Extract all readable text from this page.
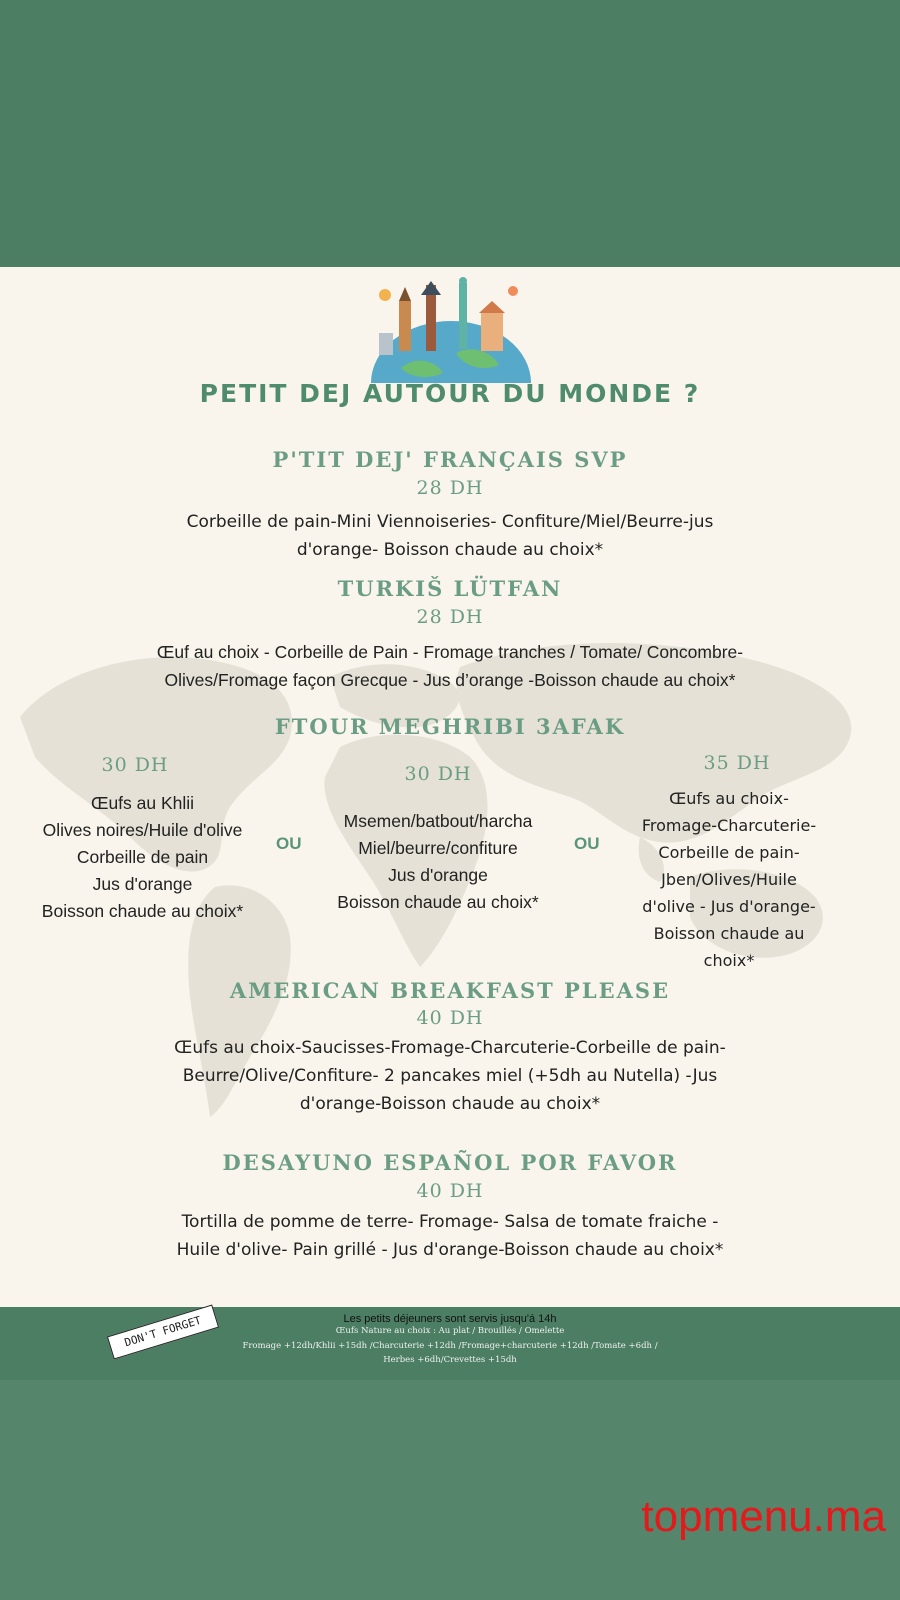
PETIT DEJ AUTOUR DU MONDE ?
P'TIT DEJ' FRANÇAIS SVP
28 DH
Corbeille de pain-Mini Viennoiseries- Confiture/Miel/Beurre-jus
d'orange- Boisson chaude au choix*
TURKIŠ LÜTFAN
28 DH
Œuf au choix - Corbeille de Pain - Fromage tranches / Tomate/ Concombre-
Olives/Fromage façon Grecque - Jus d’orange -Boisson chaude au choix*
FTOUR MEGHRIBI 3AFAK
30 DH
Œufs au Khlii
Olives noires/Huile d'olive
Corbeille de pain
Jus d'orange
Boisson chaude au choix*
OU
30 DH
Msemen/batbout/harcha
Miel/beurre/confiture
Jus d'orange
Boisson chaude au choix*
OU
35 DH
Œufs au choix-
Fromage-Charcuterie-
Corbeille de pain-
Jben/Olives/Huile
d'olive - Jus d'orange-
Boisson chaude au
choix*
AMERICAN BREAKFAST PLEASE
40 DH
Œufs au choix-Saucisses-Fromage-Charcuterie-Corbeille de pain-
Beurre/Olive/Confiture- 2 pancakes miel (+5dh au Nutella) -Jus
d'orange-Boisson chaude au choix*
DESAYUNO ESPAÑOL POR FAVOR
40 DH
Tortilla de pomme de terre- Fromage- Salsa de tomate fraiche -
Huile d'olive- Pain grillé - Jus d'orange-Boisson chaude au choix*
Les petits déjeuners sont servis jusqu'á 14h
Œufs Nature au choix : Au plat / Brouillés / Omelette
Fromage +12dh/Khlii +15dh /Charcuterie +12dh /Fromage+charcuterie +12dh /Tomate +6dh /
Herbes +6dh/Crevettes +15dh
DON'T FORGET
topmenu.ma
